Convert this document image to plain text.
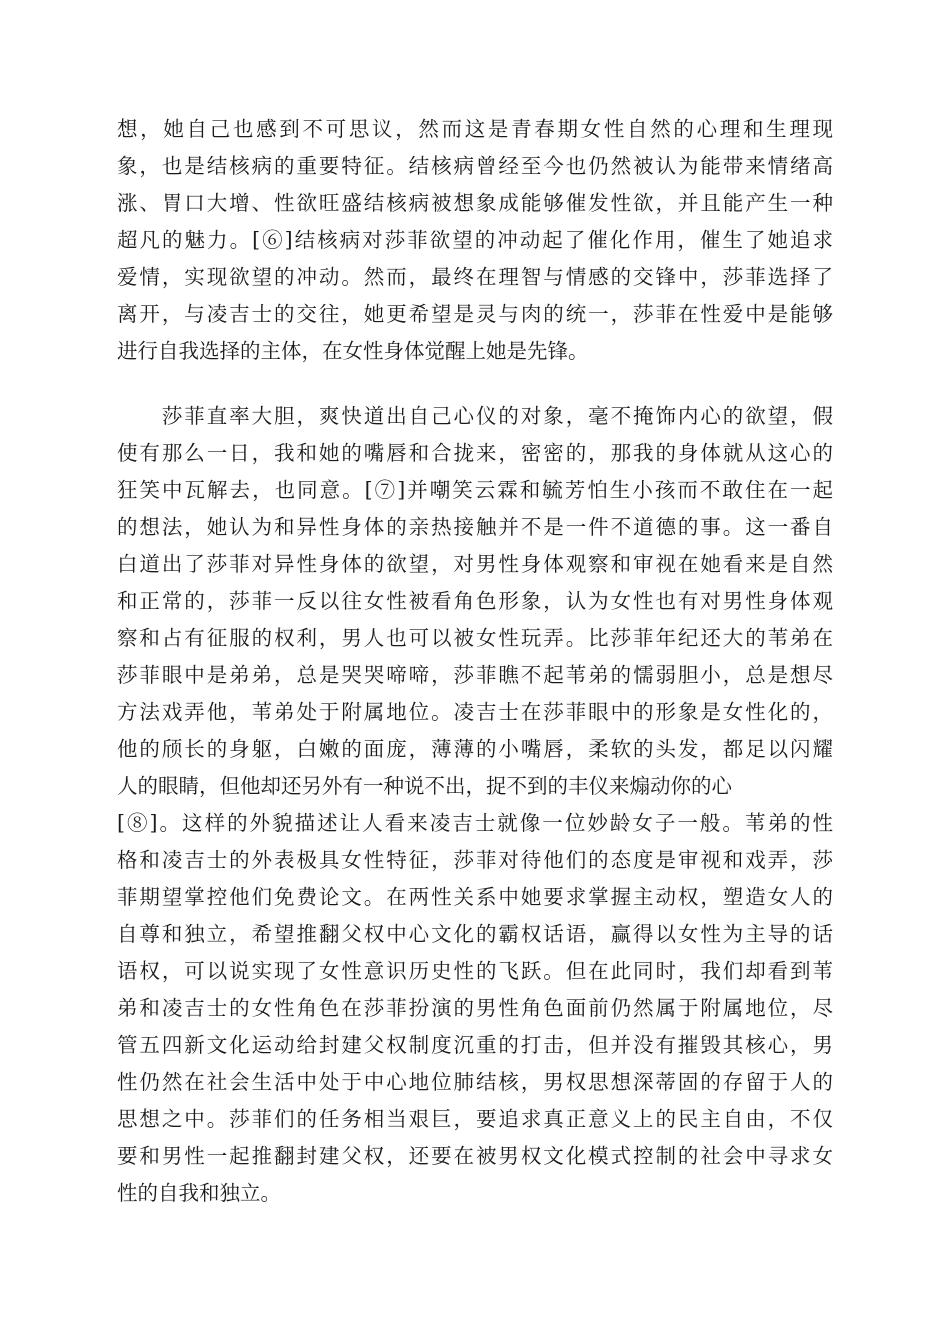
想，她自己也感到不可思议，然而这是青春期女性自然的心理和生理现
象，也是结核病的重要特征。结核病曾经至今也仍然被认为能带来情绪高
涨、胃口大增、性欲旺盛结核病被想象成能够催发性欲，并且能产生一种
超凡的魅力。[⑥]结核病对莎菲欲望的冲动起了催化作用，催生了她追求
爱情，实现欲望的冲动。然而，最终在理智与情感的交锋中，莎菲选择了
离开，与凌吉士的交往，她更希望是灵与肉的统一，莎菲在性爱中是能够
进行自我选择的主体，在女性身体觉醒上她是先锋。
　　莎菲直率大胆，爽快道出自己心仪的对象，毫不掩饰内心的欲望，假
使有那么一日，我和她的嘴唇和合拢来，密密的，那我的身体就从这心的
狂笑中瓦解去，也同意。[⑦]并嘲笑云霖和毓芳怕生小孩而不敢住在一起
的想法，她认为和异性身体的亲热接触并不是一件不道德的事。这一番自
白道出了莎菲对异性身体的欲望，对男性身体观察和审视在她看来是自然
和正常的，莎菲一反以往女性被看角色形象，认为女性也有对男性身体观
察和占有征服的权利，男人也可以被女性玩弄。比莎菲年纪还大的苇弟在
莎菲眼中是弟弟，总是哭哭啼啼，莎菲瞧不起苇弟的懦弱胆小，总是想尽
方法戏弄他，苇弟处于附属地位。凌吉士在莎菲眼中的形象是女性化的，
他的颀长的身躯，白嫩的面庞，薄薄的小嘴唇，柔软的头发，都足以闪耀
人的眼睛，但他却还另外有一种说不出，捉不到的丰仪来煽动你的心
[⑧]。这样的外貌描述让人看来凌吉士就像一位妙龄女子一般。苇弟的性
格和凌吉士的外表极具女性特征，莎菲对待他们的态度是审视和戏弄，莎
菲期望掌控他们免费论文。在两性关系中她要求掌握主动权，塑造女人的
自尊和独立，希望推翻父权中心文化的霸权话语，赢得以女性为主导的话
语权，可以说实现了女性意识历史性的飞跃。但在此同时，我们却看到苇
弟和凌吉士的女性角色在莎菲扮演的男性角色面前仍然属于附属地位，尽
管五四新文化运动给封建父权制度沉重的打击，但并没有摧毁其核心，男
性仍然在社会生活中处于中心地位肺结核，男权思想深蒂固的存留于人的
思想之中。莎菲们的任务相当艰巨，要追求真正意义上的民主自由，不仅
要和男性一起推翻封建父权，还要在被男权文化模式控制的社会中寻求女
性的自我和独立。
